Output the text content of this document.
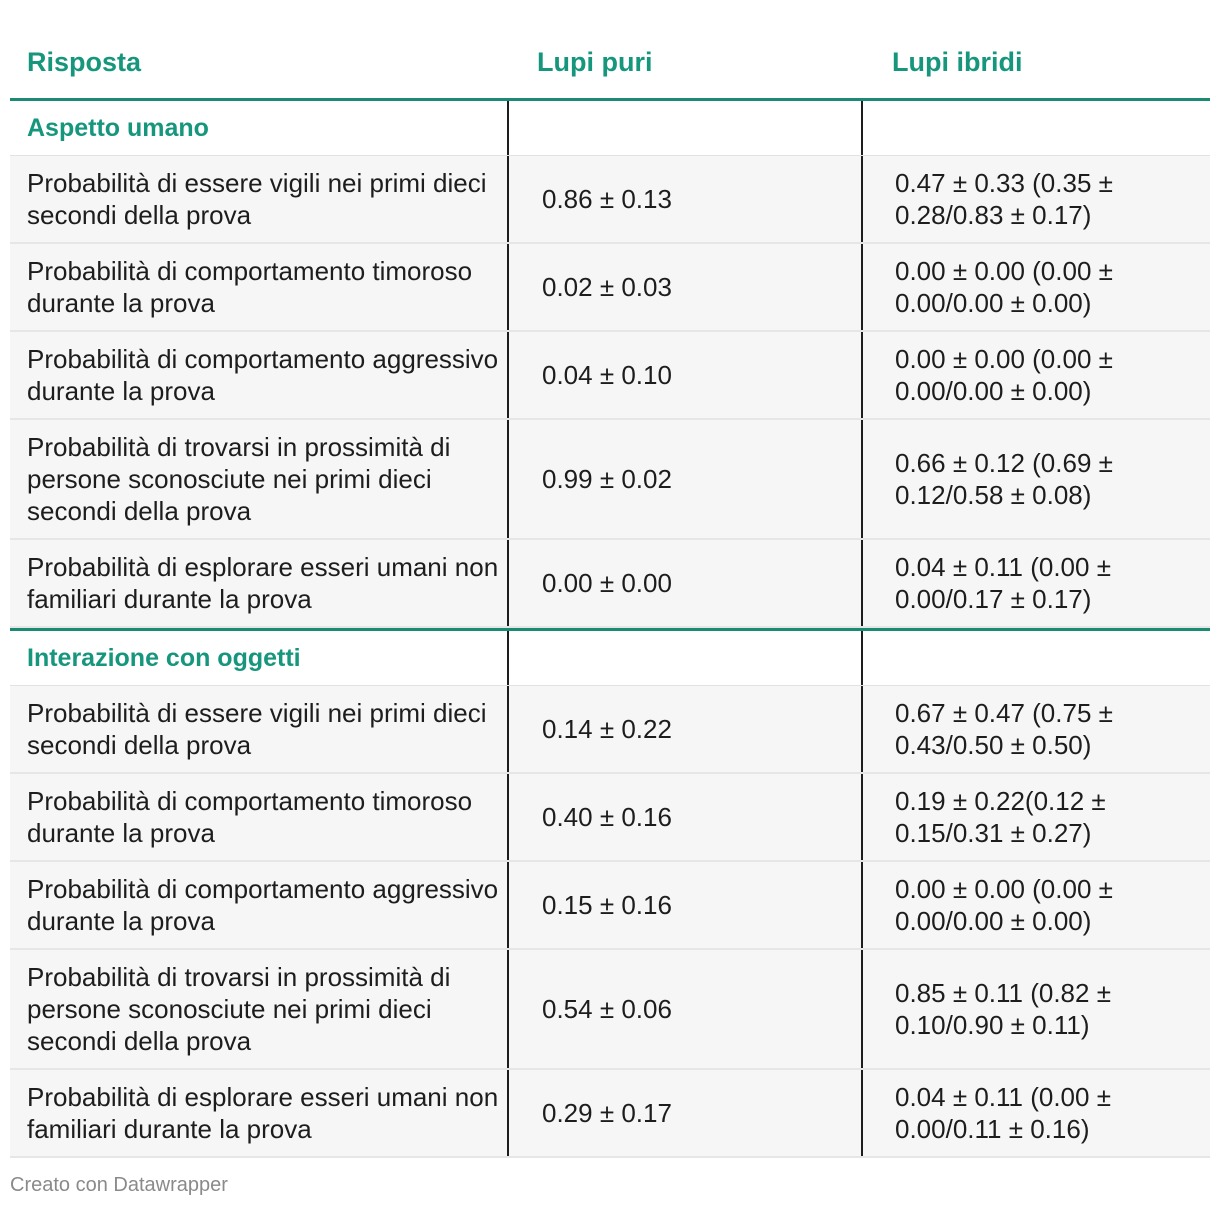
Risposta	Lupi puri	Lupi ibridi
Aspetto umano
Probabilità di essere vigili nei primi dieci secondi della prova
0.86 ± 0.13
0.47 ± 0.33 (0.35 ± 0.28/0.83 ± 0.17)
Probabilità di comportamento timoroso durante la prova
0.02 ± 0.03
0.00 ± 0.00 (0.00 ± 0.00/0.00 ± 0.00)
Probabilità di comportamento aggressivo durante la prova
0.04 ± 0.10
0.00 ± 0.00 (0.00 ± 0.00/0.00 ± 0.00)
Probabilità di trovarsi in prossimità di persone sconosciute nei primi dieci secondi della prova
0.99 ± 0.02
0.66 ± 0.12 (0.69 ± 0.12/0.58 ± 0.08)
Probabilità di esplorare esseri umani non familiari durante la prova
0.00 ± 0.00
0.04 ± 0.11 (0.00 ± 0.00/0.17 ± 0.17)
Interazione con oggetti
Probabilità di essere vigili nei primi dieci secondi della prova
0.14 ± 0.22
0.67 ± 0.47 (0.75 ± 0.43/0.50 ± 0.50)
Probabilità di comportamento timoroso durante la prova
0.40 ± 0.16
0.19 ± 0.22(0.12 ± 0.15/0.31 ± 0.27)
Probabilità di comportamento aggressivo durante la prova
0.15 ± 0.16
0.00 ± 0.00 (0.00 ± 0.00/0.00 ± 0.00)
Probabilità di trovarsi in prossimità di persone sconosciute nei primi dieci secondi della prova
0.54 ± 0.06
0.85 ± 0.11 (0.82 ± 0.10/0.90 ± 0.11)
Probabilità di esplorare esseri umani non familiari durante la prova
0.29 ± 0.17
0.04 ± 0.11 (0.00 ± 0.00/0.11 ± 0.16)
Creato con Datawrapper
